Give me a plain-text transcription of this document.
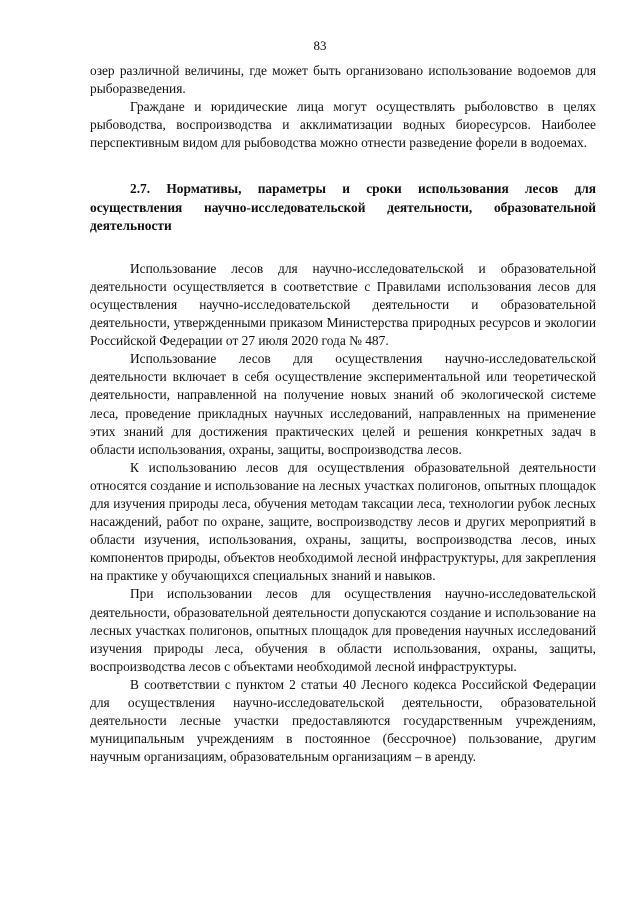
83

озер различной величины, где может быть организовано использование водоемов для рыборазведения.

Граждане и юридические лица могут осуществлять рыболовство в целях рыбоводства, воспроизводства и акклиматизации водных биоресурсов. Наиболее перспективным видом для рыбоводства можно отнести разведение форели в водоемах.

2.7. Нормативы, параметры и сроки использования лесов для осуществления научно-исследовательской деятельности, образовательной деятельности

Использование лесов для научно-исследовательской и образовательной деятельности осуществляется в соответствие с Правилами использования лесов для осуществления научно-исследовательской деятельности и образовательной деятельности, утвержденными приказом Министерства природных ресурсов и экологии Российской Федерации от 27 июля 2020 года № 487.

Использование лесов для осуществления научно-исследовательской деятельности включает в себя осуществление экспериментальной или теоретической деятельности, направленной на получение новых знаний об экологической системе леса, проведение прикладных научных исследований, направленных на применение этих знаний для достижения практических целей и решения конкретных задач в области использования, охраны, защиты, воспроизводства лесов.

К использованию лесов для осуществления образовательной деятельности относятся создание и использование на лесных участках полигонов, опытных площадок для изучения природы леса, обучения методам таксации леса, технологии рубок лесных насаждений, работ по охране, защите, воспроизводству лесов и других мероприятий в области изучения, использования, охраны, защиты, воспроизводства лесов, иных компонентов природы, объектов необходимой лесной инфраструктуры, для закрепления на практике у обучающихся специальных знаний и навыков.

При использовании лесов для осуществления научно-исследовательской деятельности, образовательной деятельности допускаются создание и использование на лесных участках полигонов, опытных площадок для проведения научных исследований изучения природы леса, обучения в области использования, охраны, защиты, воспроизводства лесов с объектами необходимой лесной инфраструктуры.

В соответствии с пунктом 2 статьи 40 Лесного кодекса Российской Федерации для осуществления научно-исследовательской деятельности, образовательной деятельности лесные участки предоставляются государственным учреждениям, муниципальным учреждениям в постоянное (бессрочное) пользование, другим научным организациям, образовательным организациям – в аренду.
